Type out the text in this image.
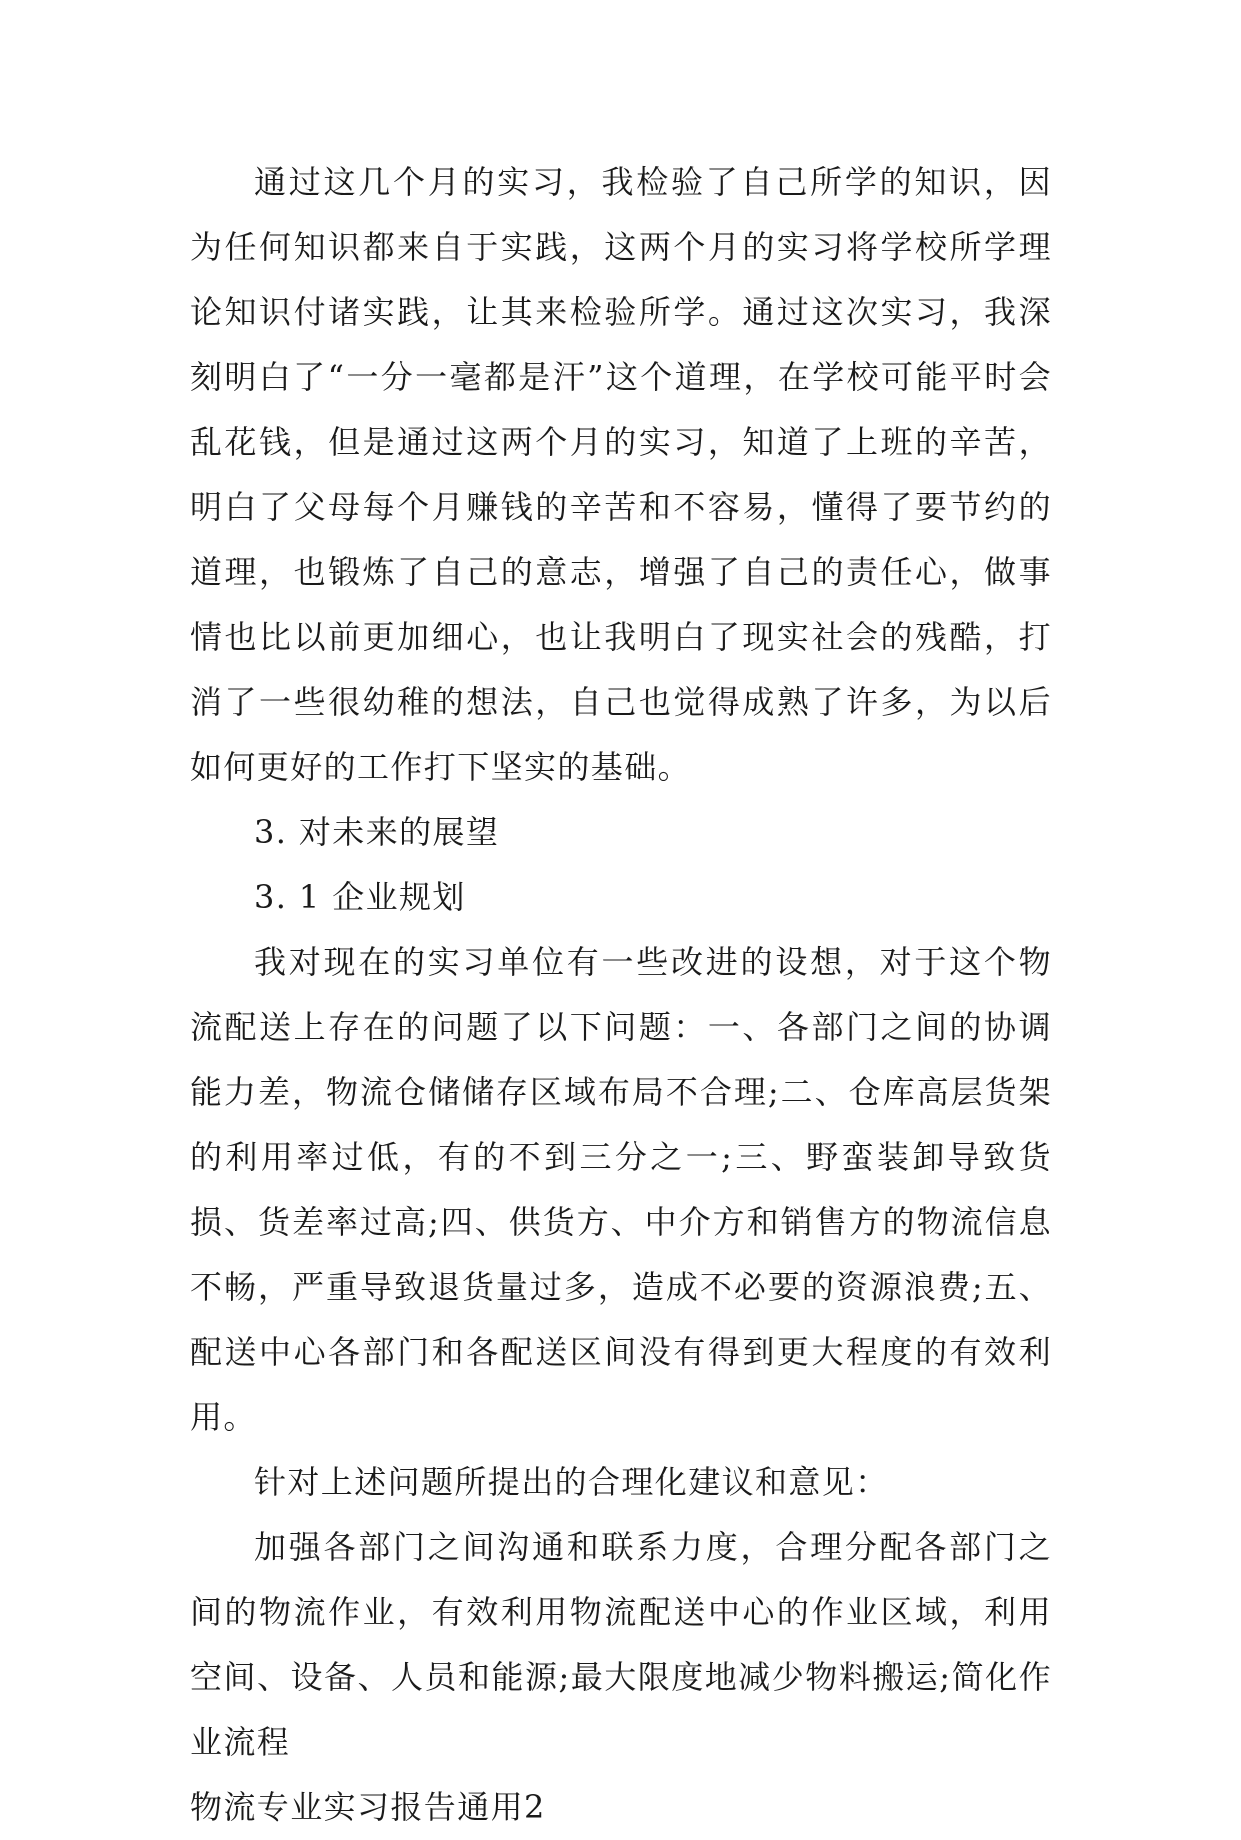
通过这几个月的实习，我检验了自己所学的知识，因为任何知识都来自于实践，这两个月的实习将学校所学理论知识付诸实践，让其来检验所学。通过这次实习，我深刻明白了“一分一毫都是汗”这个道理，在学校可能平时会乱花钱，但是通过这两个月的实习，知道了上班的辛苦，明白了父母每个月赚钱的辛苦和不容易，懂得了要节约的道理，也锻炼了自己的意志，增强了自己的责任心，做事情也比以前更加细心，也让我明白了现实社会的残酷，打消了一些很幼稚的想法，自己也觉得成熟了许多，为以后如何更好的工作打下坚实的基础。

3. 对未来的展望

3. 1 企业规划

我对现在的实习单位有一些改进的设想，对于这个物流配送上存在的问题了以下问题：一、各部门之间的协调能力差，物流仓储储存区域布局不合理;二、仓库高层货架的利用率过低，有的不到三分之一;三、野蛮装卸导致货损、货差率过高;四、供货方、中介方和销售方的物流信息不畅，严重导致退货量过多，造成不必要的资源浪费;五、配送中心各部门和各配送区间没有得到更大程度的有效利用。

针对上述问题所提出的合理化建议和意见：

加强各部门之间沟通和联系力度，合理分配各部门之间的物流作业，有效利用物流配送中心的作业区域，利用空间、设备、人员和能源;最大限度地减少物料搬运;简化作业流程

物流专业实习报告通用2
